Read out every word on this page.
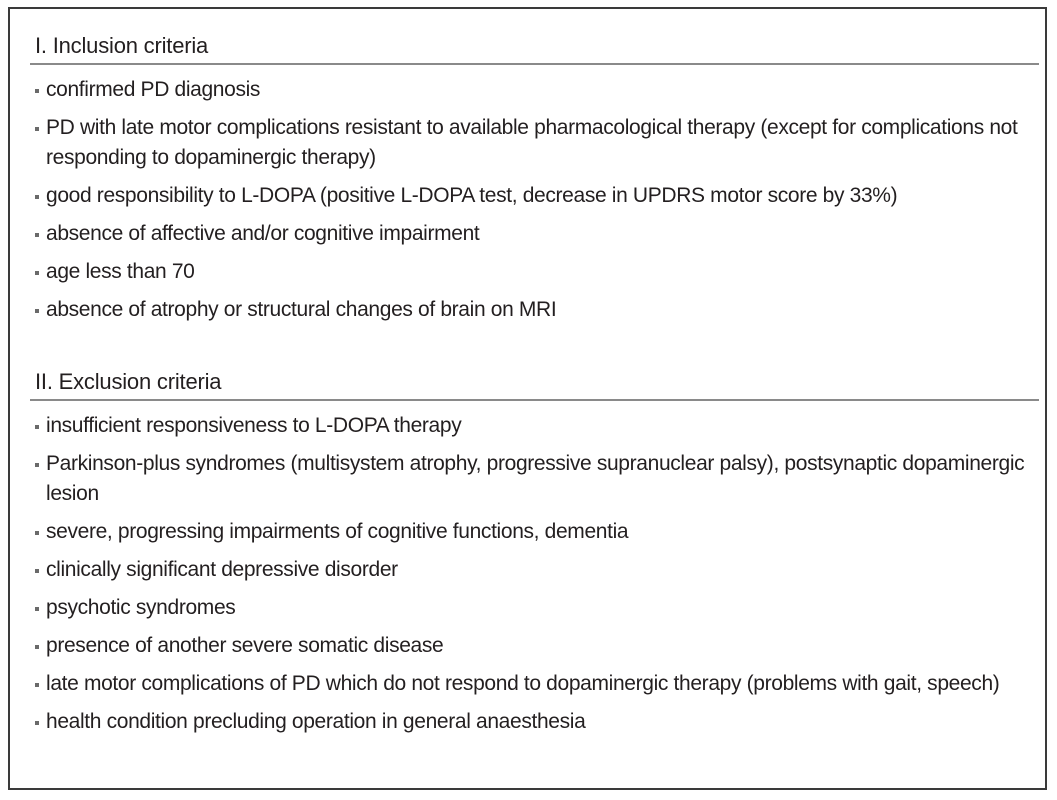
I. Inclusion criteria
confirmed PD diagnosis
PD with late motor complications resistant to available pharmacological therapy (except for complications not responding to dopaminergic therapy)
good responsibility to L-DOPA (positive L-DOPA test, decrease in UPDRS motor score by 33%)
absence of affective and/or cognitive impairment
age less than 70
absence of atrophy or structural changes of brain on MRI
II. Exclusion criteria
insufficient responsiveness to L-DOPA therapy
Parkinson-plus syndromes (multisystem atrophy, progressive supranuclear palsy), postsynaptic dopaminergic lesion
severe, progressing impairments of cognitive functions, dementia
clinically significant depressive disorder
psychotic syndromes
presence of another severe somatic disease
late motor complications of PD which do not respond to dopaminergic therapy (problems with gait, speech)
health condition precluding operation in general anaesthesia
